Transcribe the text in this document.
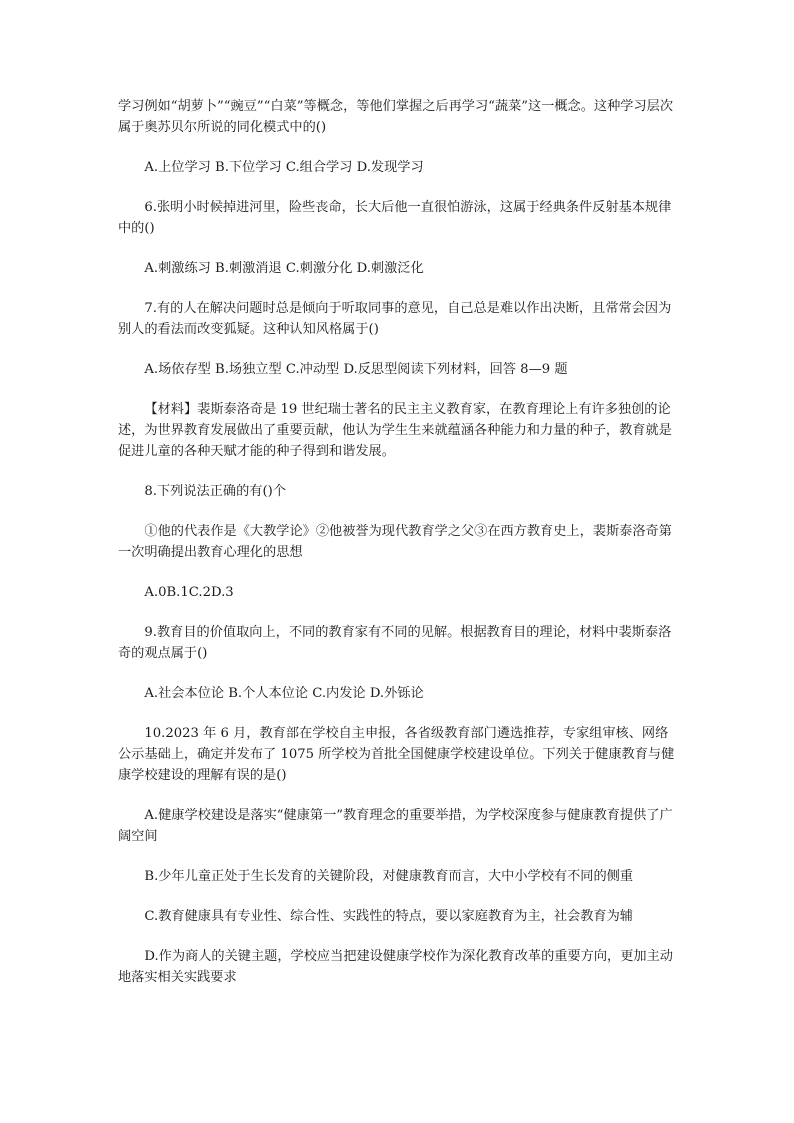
学习例如“胡萝卜”“豌豆”“白菜”等概念，等他们掌握之后再学习“蔬菜”这一概念。这种学习层次属于奥苏贝尔所说的同化模式中的()

A.上位学习 B.下位学习 C.组合学习 D.发现学习

6.张明小时候掉进河里，险些丧命，长大后他一直很怕游泳，这属于经典条件反射基本规律中的()

A.刺激练习 B.刺激消退 C.刺激分化 D.刺激泛化

7.有的人在解决问题时总是倾向于听取同事的意见，自己总是难以作出决断，且常常会因为别人的看法而改变狐疑。这种认知风格属于()

A.场依存型 B.场独立型 C.冲动型 D.反思型阅读下列材料，回答 8—9 题

【材料】裴斯泰洛奇是 19 世纪瑞士著名的民主主义教育家，在教育理论上有许多独创的论述，为世界教育发展做出了重要贡献，他认为学生生来就蕴涵各种能力和力量的种子，教育就是促进儿童的各种天赋才能的种子得到和谐发展。

8.下列说法正确的有()个

①他的代表作是《大教学论》②他被誉为现代教育学之父③在西方教育史上，裴斯泰洛奇第一次明确提出教育心理化的思想

A.0B.1C.2D.3

9.教育目的价值取向上，不同的教育家有不同的见解。根据教育目的理论，材料中裴斯泰洛奇的观点属于()

A.社会本位论 B.个人本位论 C.内发论 D.外铄论

10.2023 年 6 月，教育部在学校自主申报，各省级教育部门遴选推荐，专家组审核、网络公示基础上，确定并发布了 1075 所学校为首批全国健康学校建设单位。下列关于健康教育与健康学校建设的理解有误的是()

A.健康学校建设是落实“健康第一”教育理念的重要举措，为学校深度参与健康教育提供了广阔空间

B.少年儿童正处于生长发育的关键阶段，对健康教育而言，大中小学校有不同的侧重

C.教育健康具有专业性、综合性、实践性的特点，要以家庭教育为主，社会教育为辅

D.作为商人的关键主题，学校应当把建设健康学校作为深化教育改革的重要方向，更加主动地落实相关实践要求
